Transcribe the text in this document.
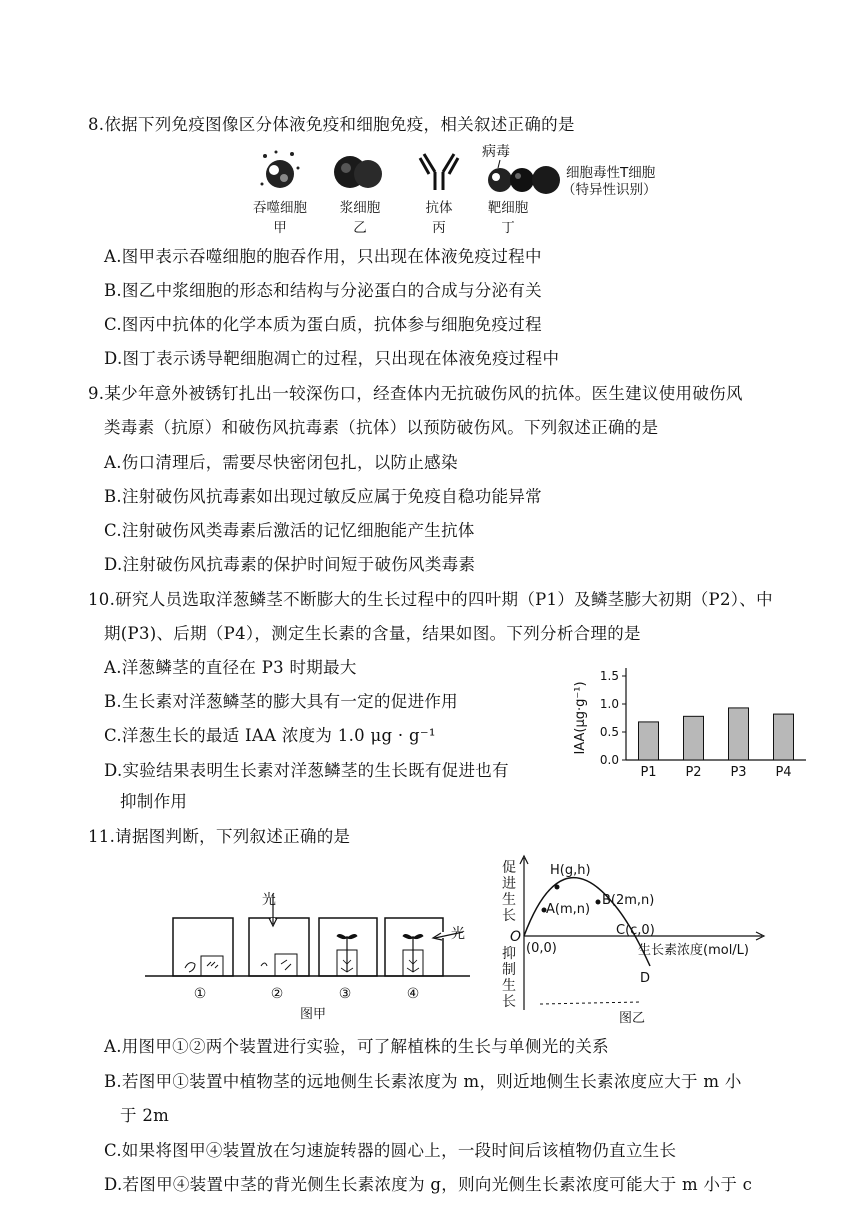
8.依据下列免疫图像区分体液免疫和细胞免疫，相关叙述正确的是
病毒
细胞毒性T细胞
（特异性识别）
吞噬细胞
甲
浆细胞
乙
抗体
丙
靶细胞
丁
A.图甲表示吞噬细胞的胞吞作用，只出现在体液免疫过程中
B.图乙中浆细胞的形态和结构与分泌蛋白的合成与分泌有关
C.图丙中抗体的化学本质为蛋白质，抗体参与细胞免疫过程
D.图丁表示诱导靶细胞凋亡的过程，只出现在体液免疫过程中
9.某少年意外被锈钉扎出一较深伤口，经查体内无抗破伤风的抗体。医生建议使用破伤风
类毒素（抗原）和破伤风抗毒素（抗体）以预防破伤风。下列叙述正确的是
A.伤口清理后，需要尽快密闭包扎，以防止感染
B.注射破伤风抗毒素如出现过敏反应属于免疫自稳功能异常
C.注射破伤风类毒素后激活的记忆细胞能产生抗体
D.注射破伤风抗毒素的保护时间短于破伤风类毒素
10.研究人员选取洋葱鳞茎不断膨大的生长过程中的四叶期（P1）及鳞茎膨大初期（P2）、中
期(P3)、后期（P4），测定生长素的含量，结果如图。下列分析合理的是
A.洋葱鳞茎的直径在 P3 时期最大
B.生长素对洋葱鳞茎的膨大具有一定的促进作用
C.洋葱生长的最适 IAA 浓度为 1.0 μg · g⁻¹
D.实验结果表明生长素对洋葱鳞茎的生长既有促进也有
抑制作用
IAA(μg·g⁻¹)
0.0
0.5
1.0
1.5
P1 P2 P3 P4
11.请据图判断，下列叙述正确的是
光
光
①	②	③	④
图甲
促
进
生
长
O
抑
制
生
长
H(g,h)
A(m,n)
B(2m,n)
C(c,0)
(0,0)	生长素浓度(mol/L)
D
图乙
A.用图甲①②两个装置进行实验，可了解植株的生长与单侧光的关系
B.若图甲①装置中植物茎的远地侧生长素浓度为 m，则近地侧生长素浓度应大于 m 小
于 2m
C.如果将图甲④装置放在匀速旋转器的圆心上，一段时间后该植物仍直立生长
D.若图甲④装置中茎的背光侧生长素浓度为 g，则向光侧生长素浓度可能大于 m 小于 c
